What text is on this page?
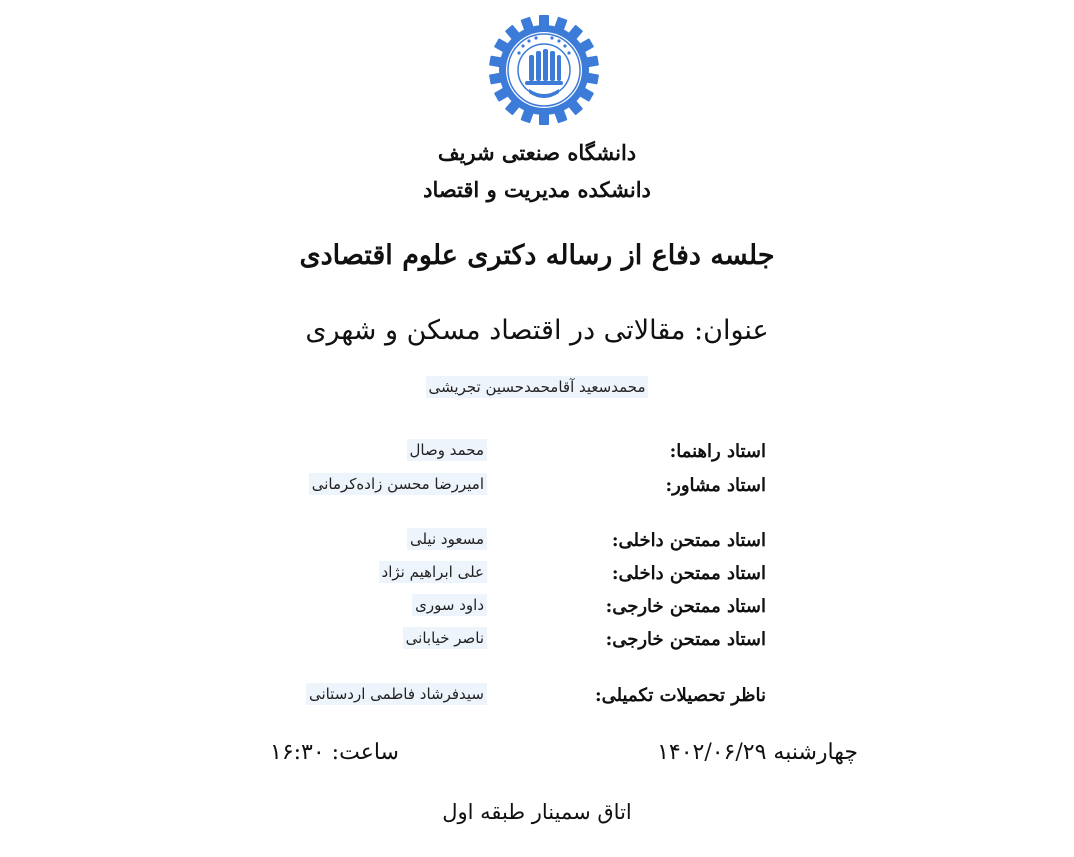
دانشگاه صنعتی شریف
دانشکده مدیریت و اقتصاد
جلسه دفاع از رساله دکتری علوم اقتصادی
عنوان: مقالاتی در اقتصاد مسکن و شهری
محمدسعید آقامحمدحسین تجریشی
استاد راهنما:
محمد وصال
استاد مشاور:
امیررضا محسن زاده‌کرمانی
استاد ممتحن داخلی:
مسعود نیلی
استاد ممتحن داخلی:
علی ابراهیم نژاد
استاد ممتحن خارجی:
داود سوری
استاد ممتحن خارجی:
ناصر خیابانی
ناظر تحصیلات تکمیلی:
سیدفرشاد فاطمی اردستانی
چهارشنبه ۱۴۰۲/۰۶/۲۹
ساعت: ۱۶:۳۰
اتاق سمینار طبقه اول
